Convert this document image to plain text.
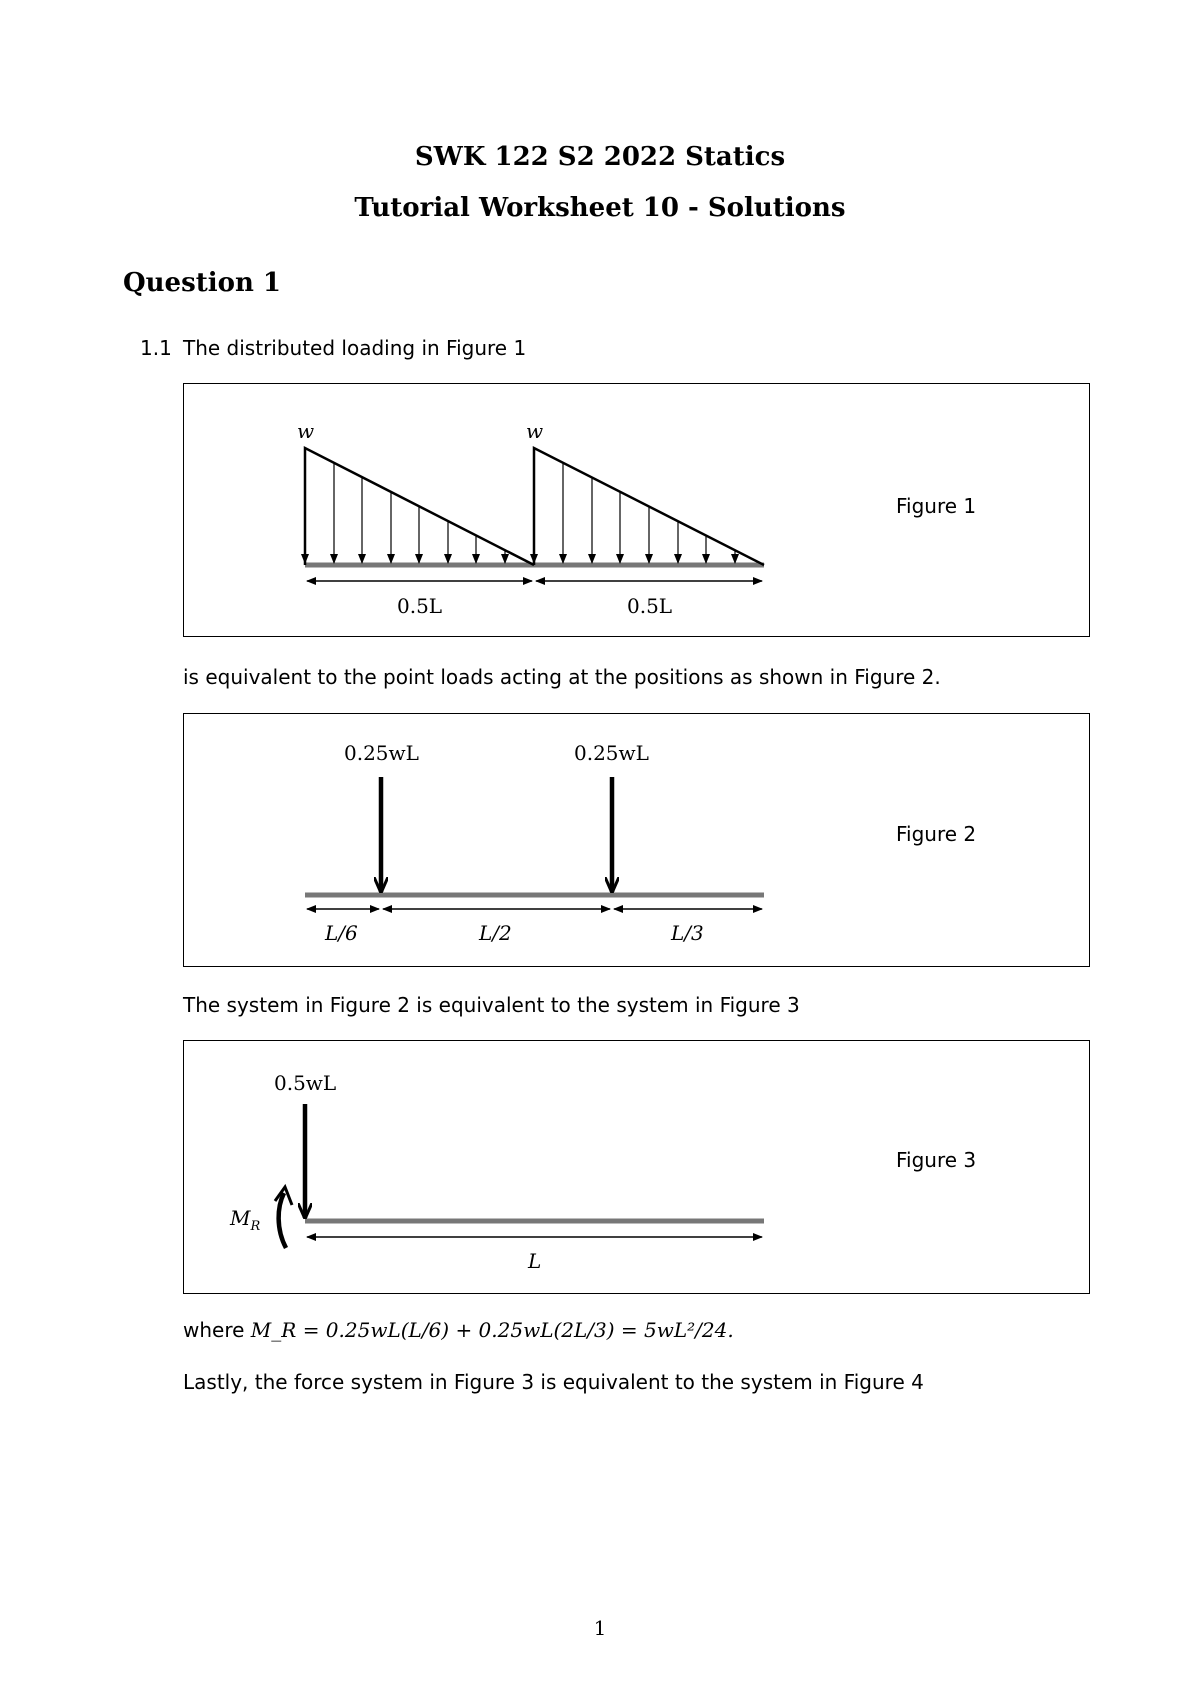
SWK 122 S2 2022 Statics
Tutorial Worksheet 10 - Solutions
Question 1
1.1 The distributed loading in Figure 1
w	w
0.5L	0.5L
Figure 1
is equivalent to the point loads acting at the positions as shown in Figure 2.
0.25wL	0.25wL
L/6	L/2	L/3
Figure 2
The system in Figure 2 is equivalent to the system in Figure 3
0.5wL
$M_R$
L
Figure 3
where M_R = 0.25wL(L/6) + 0.25wL(2L/3) = 5wL²/24.
Lastly, the force system in Figure 3 is equivalent to the system in Figure 4
1
